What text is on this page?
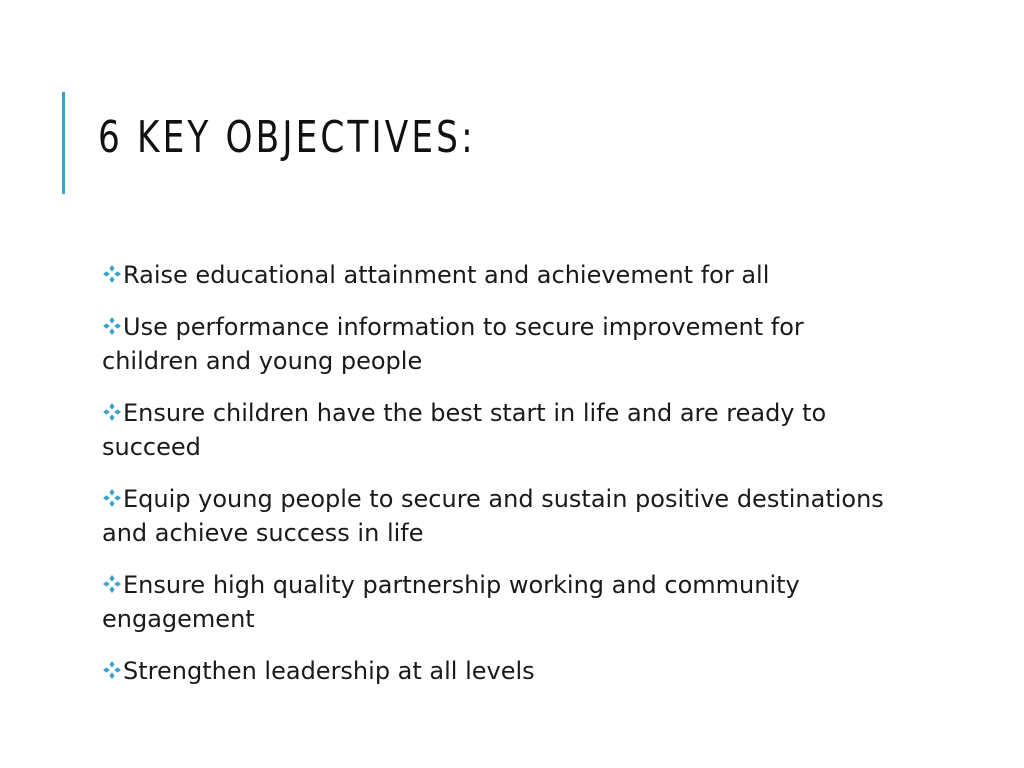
6 KEY OBJECTIVES:
Raise educational attainment and achievement for all
Use performance information to secure improvement for children and young people
Ensure children have the best start in life and are ready to succeed
Equip young people to secure and sustain positive destinations and achieve success in life
Ensure high quality partnership working and community engagement
Strengthen leadership at all levels
